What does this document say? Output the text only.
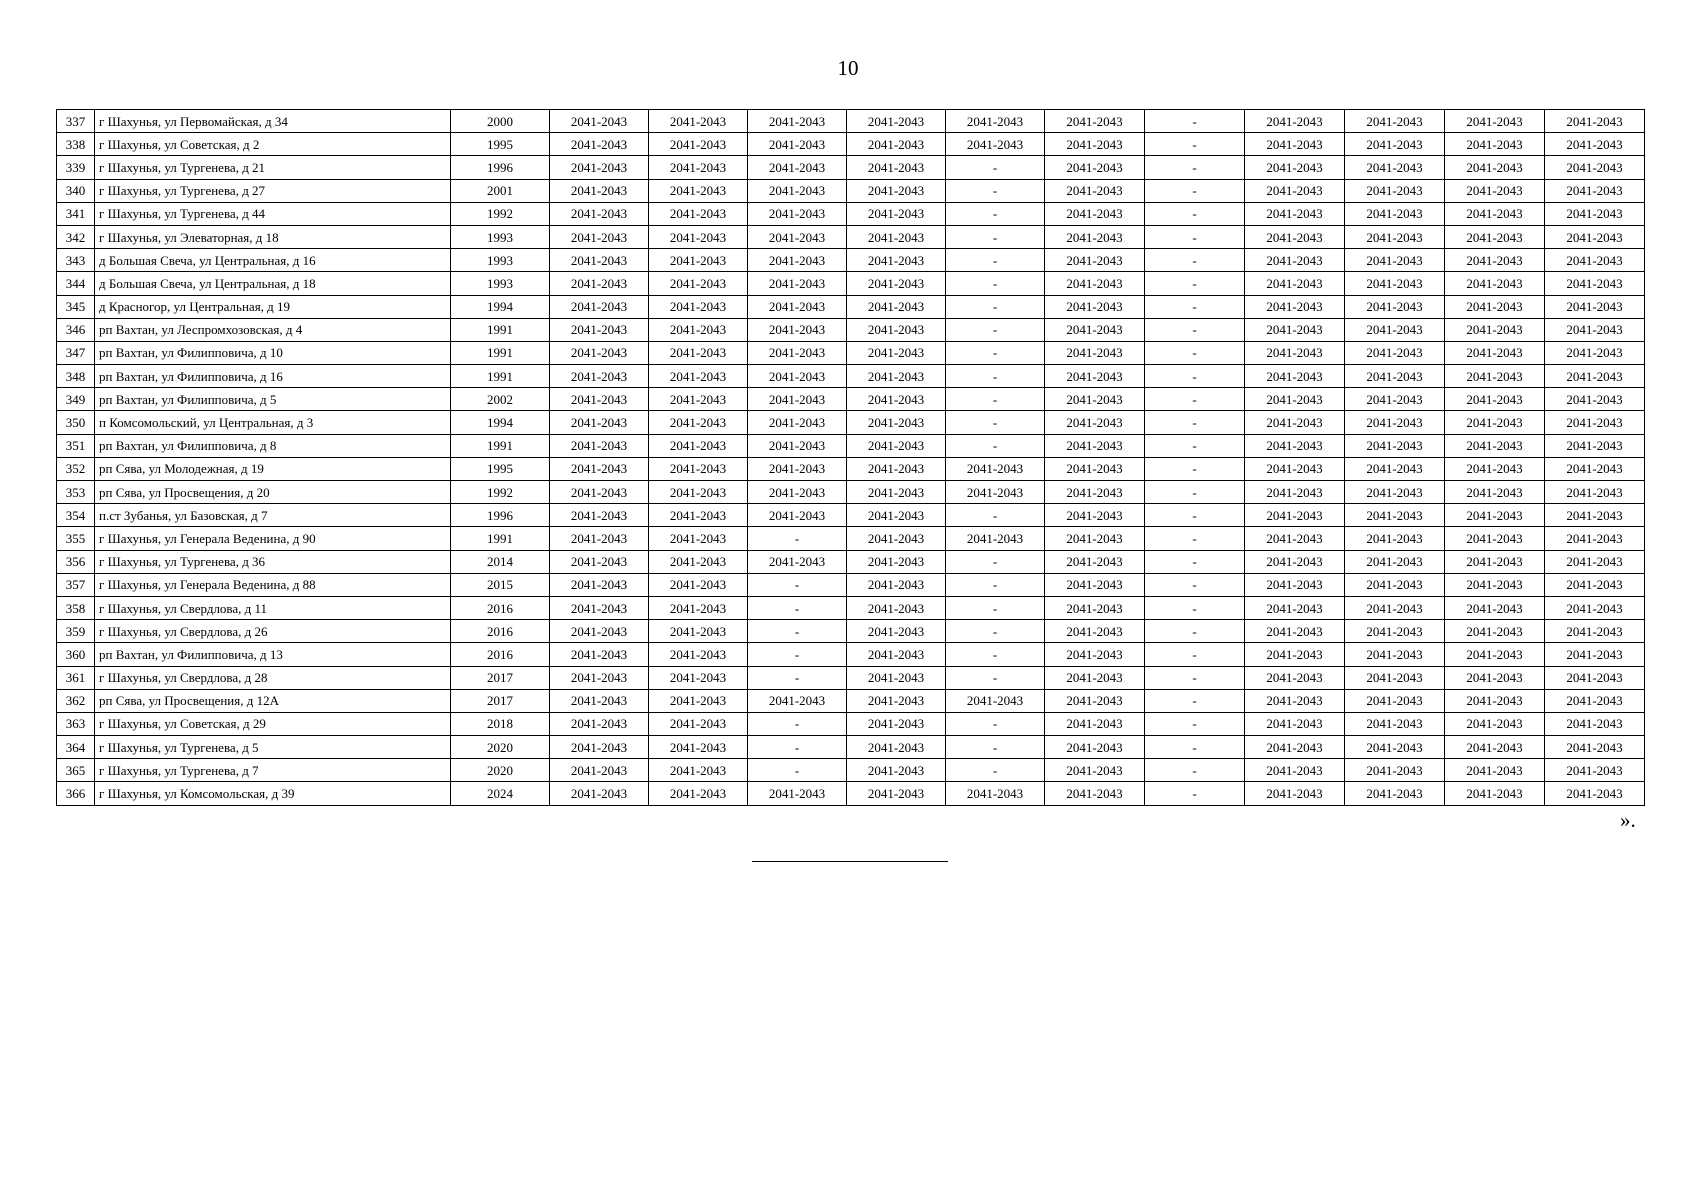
10
337	г Шахунья, ул Первомайская, д 34	2000	2041-2043	2041-2043	2041-2043	2041-2043	2041-2043	2041-2043	-	2041-2043	2041-2043	2041-2043	2041-2043
338	г Шахунья, ул Советская, д 2	1995	2041-2043	2041-2043	2041-2043	2041-2043	2041-2043	2041-2043	-	2041-2043	2041-2043	2041-2043	2041-2043
339	г Шахунья, ул Тургенева, д 21	1996	2041-2043	2041-2043	2041-2043	2041-2043	-	2041-2043	-	2041-2043	2041-2043	2041-2043	2041-2043
340	г Шахунья, ул Тургенева, д 27	2001	2041-2043	2041-2043	2041-2043	2041-2043	-	2041-2043	-	2041-2043	2041-2043	2041-2043	2041-2043
341	г Шахунья, ул Тургенева, д 44	1992	2041-2043	2041-2043	2041-2043	2041-2043	-	2041-2043	-	2041-2043	2041-2043	2041-2043	2041-2043
342	г Шахунья, ул Элеваторная, д 18	1993	2041-2043	2041-2043	2041-2043	2041-2043	-	2041-2043	-	2041-2043	2041-2043	2041-2043	2041-2043
343	д Большая Свеча, ул Центральная, д 16	1993	2041-2043	2041-2043	2041-2043	2041-2043	-	2041-2043	-	2041-2043	2041-2043	2041-2043	2041-2043
344	д Большая Свеча, ул Центральная, д 18	1993	2041-2043	2041-2043	2041-2043	2041-2043	-	2041-2043	-	2041-2043	2041-2043	2041-2043	2041-2043
345	д Красногор, ул Центральная, д 19	1994	2041-2043	2041-2043	2041-2043	2041-2043	-	2041-2043	-	2041-2043	2041-2043	2041-2043	2041-2043
346	рп Вахтан, ул Леспромхозовская, д 4	1991	2041-2043	2041-2043	2041-2043	2041-2043	-	2041-2043	-	2041-2043	2041-2043	2041-2043	2041-2043
347	рп Вахтан, ул Филипповича, д 10	1991	2041-2043	2041-2043	2041-2043	2041-2043	-	2041-2043	-	2041-2043	2041-2043	2041-2043	2041-2043
348	рп Вахтан, ул Филипповича, д 16	1991	2041-2043	2041-2043	2041-2043	2041-2043	-	2041-2043	-	2041-2043	2041-2043	2041-2043	2041-2043
349	рп Вахтан, ул Филипповича, д 5	2002	2041-2043	2041-2043	2041-2043	2041-2043	-	2041-2043	-	2041-2043	2041-2043	2041-2043	2041-2043
350	п Комсомольский, ул Центральная, д 3	1994	2041-2043	2041-2043	2041-2043	2041-2043	-	2041-2043	-	2041-2043	2041-2043	2041-2043	2041-2043
351	рп Вахтан, ул Филипповича, д 8	1991	2041-2043	2041-2043	2041-2043	2041-2043	-	2041-2043	-	2041-2043	2041-2043	2041-2043	2041-2043
352	рп Сява, ул Молодежная, д 19	1995	2041-2043	2041-2043	2041-2043	2041-2043	2041-2043	2041-2043	-	2041-2043	2041-2043	2041-2043	2041-2043
353	рп Сява, ул Просвещения, д 20	1992	2041-2043	2041-2043	2041-2043	2041-2043	2041-2043	2041-2043	-	2041-2043	2041-2043	2041-2043	2041-2043
354	п.ст Зубанья, ул Базовская, д 7	1996	2041-2043	2041-2043	2041-2043	2041-2043	-	2041-2043	-	2041-2043	2041-2043	2041-2043	2041-2043
355	г Шахунья, ул Генерала Веденина, д 90	1991	2041-2043	2041-2043	-	2041-2043	2041-2043	2041-2043	-	2041-2043	2041-2043	2041-2043	2041-2043
356	г Шахунья, ул Тургенева, д 36	2014	2041-2043	2041-2043	2041-2043	2041-2043	-	2041-2043	-	2041-2043	2041-2043	2041-2043	2041-2043
357	г Шахунья, ул Генерала Веденина, д 88	2015	2041-2043	2041-2043	-	2041-2043	-	2041-2043	-	2041-2043	2041-2043	2041-2043	2041-2043
358	г Шахунья, ул Свердлова, д 11	2016	2041-2043	2041-2043	-	2041-2043	-	2041-2043	-	2041-2043	2041-2043	2041-2043	2041-2043
359	г Шахунья, ул Свердлова, д 26	2016	2041-2043	2041-2043	-	2041-2043	-	2041-2043	-	2041-2043	2041-2043	2041-2043	2041-2043
360	рп Вахтан, ул Филипповича, д 13	2016	2041-2043	2041-2043	-	2041-2043	-	2041-2043	-	2041-2043	2041-2043	2041-2043	2041-2043
361	г Шахунья, ул Свердлова, д 28	2017	2041-2043	2041-2043	-	2041-2043	-	2041-2043	-	2041-2043	2041-2043	2041-2043	2041-2043
362	рп Сява, ул Просвещения, д 12А	2017	2041-2043	2041-2043	2041-2043	2041-2043	2041-2043	2041-2043	-	2041-2043	2041-2043	2041-2043	2041-2043
363	г Шахунья, ул Советская, д 29	2018	2041-2043	2041-2043	-	2041-2043	-	2041-2043	-	2041-2043	2041-2043	2041-2043	2041-2043
364	г Шахунья, ул Тургенева, д 5	2020	2041-2043	2041-2043	-	2041-2043	-	2041-2043	-	2041-2043	2041-2043	2041-2043	2041-2043
365	г Шахунья, ул Тургенева, д 7	2020	2041-2043	2041-2043	-	2041-2043	-	2041-2043	-	2041-2043	2041-2043	2041-2043	2041-2043
366	г Шахунья, ул Комсомольская, д 39	2024	2041-2043	2041-2043	2041-2043	2041-2043	2041-2043	2041-2043	-	2041-2043	2041-2043	2041-2043	2041-2043
».
